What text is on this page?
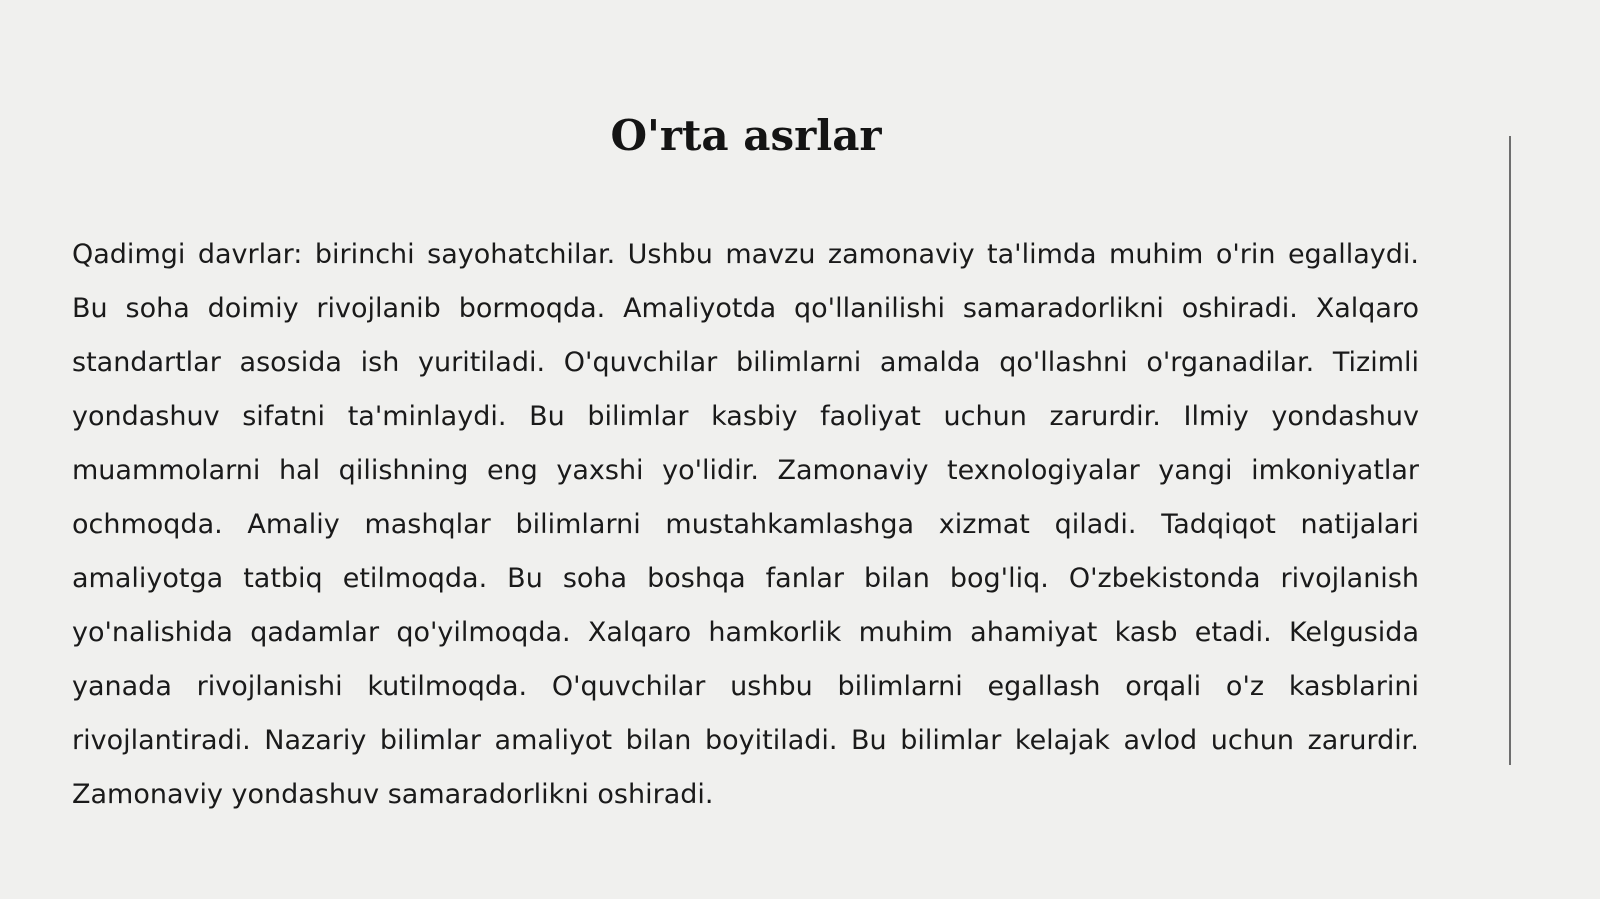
O'rta asrlar

Qadimgi davrlar: birinchi sayohatchilar. Ushbu mavzu zamonaviy ta'limda muhim o'rin egallaydi. Bu soha doimiy rivojlanib bormoqda. Amaliyotda qo'llanilishi samaradorlikni oshiradi. Xalqaro standartlar asosida ish yuritiladi. O'quvchilar bilimlarni amalda qo'llashni o'rganadilar. Tizimli yondashuv sifatni ta'minlaydi. Bu bilimlar kasbiy faoliyat uchun zarurdir. Ilmiy yondashuv muammolarni hal qilishning eng yaxshi yo'lidir. Zamonaviy texnologiyalar yangi imkoniyatlar ochmoqda. Amaliy mashqlar bilimlarni mustahkamlashga xizmat qiladi. Tadqiqot natijalari amaliyotga tatbiq etilmoqda. Bu soha boshqa fanlar bilan bog'liq. O'zbekistonda rivojlanish yo'nalishida qadamlar qo'yilmoqda. Xalqaro hamkorlik muhim ahamiyat kasb etadi. Kelgusida yanada rivojlanishi kutilmoqda. O'quvchilar ushbu bilimlarni egallash orqali o'z kasblarini rivojlantiradi. Nazariy bilimlar amaliyot bilan boyitiladi. Bu bilimlar kelajak avlod uchun zarurdir. Zamonaviy yondashuv samaradorlikni oshiradi.
